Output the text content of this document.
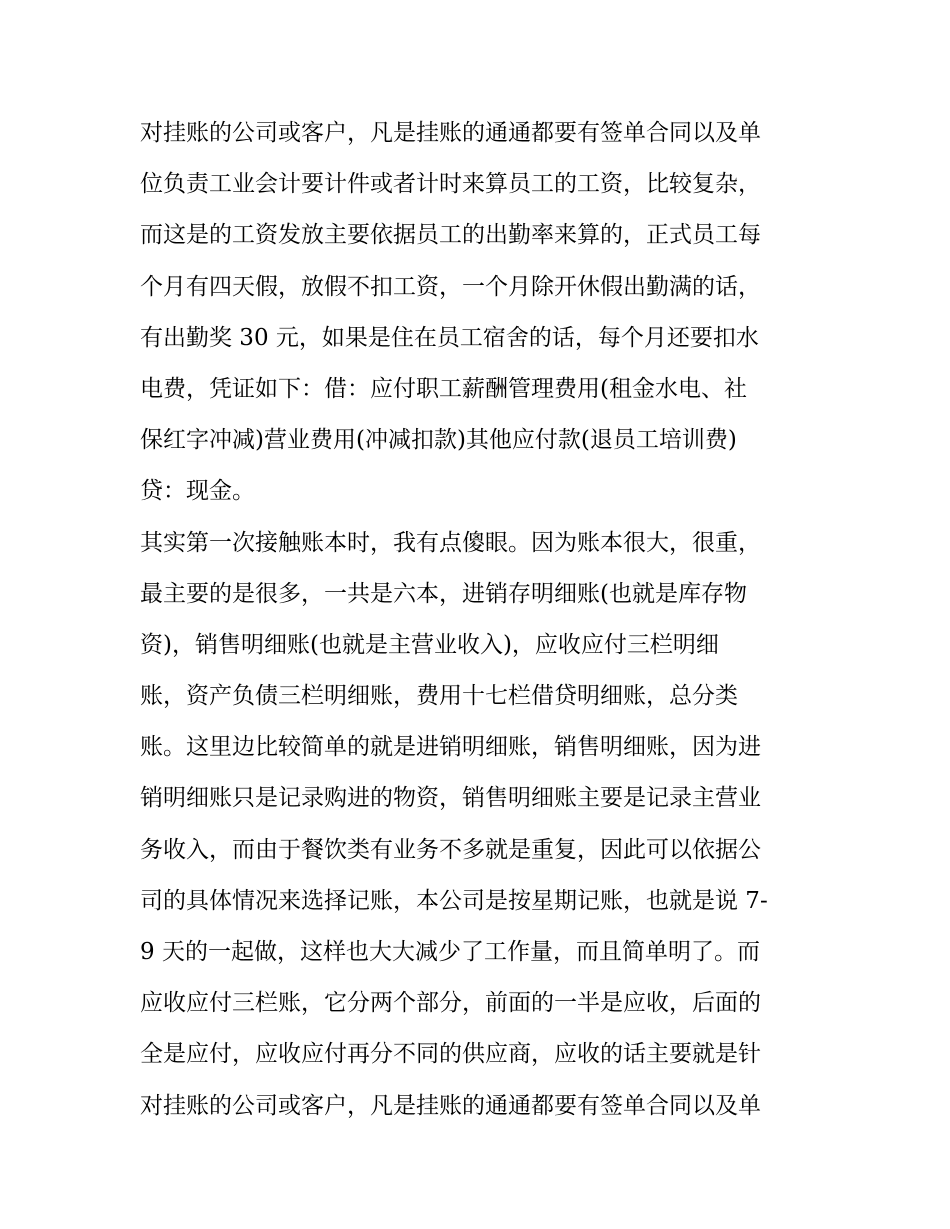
对挂账的公司或客户，凡是挂账的通通都要有签单合同以及单
位负责工业会计要计件或者计时来算员工的工资，比较复杂，
而这是的工资发放主要依据员工的出勤率来算的，正式员工每
个月有四天假，放假不扣工资，一个月除开休假出勤满的话，
有出勤奖 30 元，如果是住在员工宿舍的话，每个月还要扣水
电费，凭证如下：借：应付职工薪酬管理费用(租金水电、社
保红字冲减)营业费用(冲减扣款)其他应付款(退员工培训费)
贷：现金。
其实第一次接触账本时，我有点傻眼。因为账本很大，很重，
最主要的是很多，一共是六本，进销存明细账(也就是库存物
资)，销售明细账(也就是主营业收入)，应收应付三栏明细
账，资产负债三栏明细账，费用十七栏借贷明细账，总分类
账。这里边比较简单的就是进销明细账，销售明细账，因为进
销明细账只是记录购进的物资，销售明细账主要是记录主营业
务收入，而由于餐饮类有业务不多就是重复，因此可以依据公
司的具体情况来选择记账，本公司是按星期记账，也就是说 7-
9 天的一起做，这样也大大减少了工作量，而且简单明了。而
应收应付三栏账，它分两个部分，前面的一半是应收，后面的
全是应付，应收应付再分不同的供应商，应收的话主要就是针
对挂账的公司或客户，凡是挂账的通通都要有签单合同以及单
